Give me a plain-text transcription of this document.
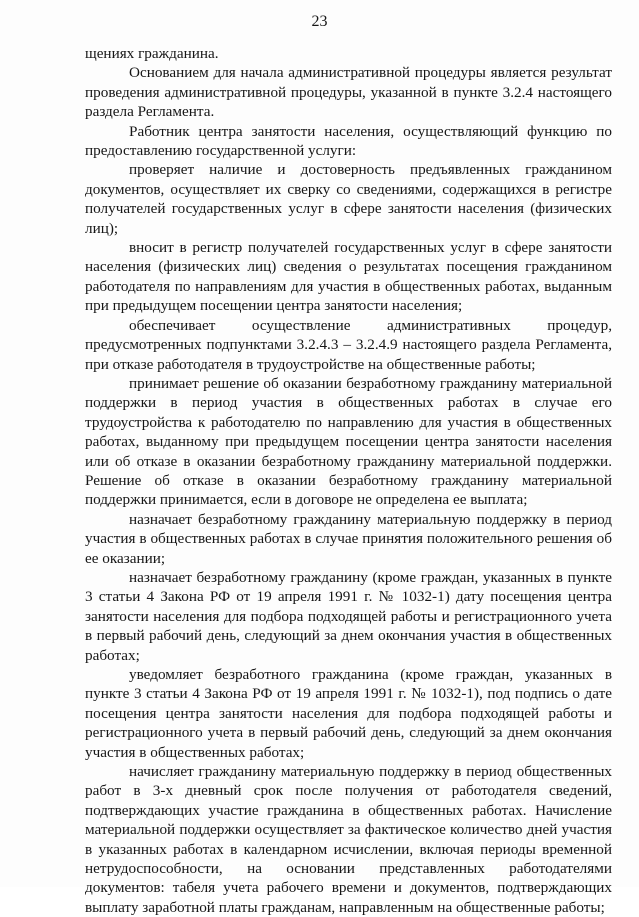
23

щениях гражданина.

Основанием для начала административной процедуры является результат проведения административной процедуры, указанной в пункте 3.2.4 настоящего раздела Регламента.

Работник центра занятости населения, осуществляющий функцию по предоставлению государственной услуги:

проверяет наличие и достоверность предъявленных гражданином документов, осуществляет их сверку со сведениями, содержащихся в регистре получателей государственных услуг в сфере занятости населения (физических лиц);

вносит в регистр получателей государственных услуг в сфере занятости населения (физических лиц) сведения о результатах посещения гражданином работодателя по направлениям для участия в общественных работах, выданным при предыдущем посещении центра занятости населения;

обеспечивает осуществление административных процедур, предусмотренных подпунктами 3.2.4.3 – 3.2.4.9 настоящего раздела Регламента, при отказе работодателя в трудоустройстве на общественные работы;

принимает решение об оказании безработному гражданину материальной поддержки в период участия в общественных работах в случае его трудоустройства к работодателю по направлению для участия в общественных работах, выданному при предыдущем посещении центра занятости населения или об отказе в оказании безработному гражданину материальной поддержки. Решение об отказе в оказании безработному гражданину материальной поддержки принимается, если в договоре не определена ее выплата;

назначает безработному гражданину материальную поддержку в период участия в общественных работах в случае принятия положительного решения об ее оказании;

назначает безработному гражданину (кроме граждан, указанных в пункте 3 статьи 4 Закона РФ от 19 апреля 1991 г. № 1032-1) дату посещения центра занятости населения для подбора подходящей работы и регистрационного учета в первый рабочий день, следующий за днем окончания участия в общественных работах;

уведомляет безработного гражданина (кроме граждан, указанных в пункте 3 статьи 4 Закона РФ от 19 апреля 1991 г. № 1032-1), под подпись о дате посещения центра занятости населения для подбора подходящей работы и регистрационного учета в первый рабочий день, следующий за днем окончания участия в общественных работах;

начисляет гражданину материальную поддержку в период общественных работ в 3-х дневный срок после получения от работодателя сведений, подтверждающих участие гражданина в общественных работах. Начисление материальной поддержки осуществляет за фактическое количество дней участия в указанных работах в календарном исчислении, включая периоды временной нетрудоспособности, на основании представленных работодателями документов: табеля учета рабочего времени и документов, подтверждающих выплату заработной платы гражданам, направленным на общественные работы;
